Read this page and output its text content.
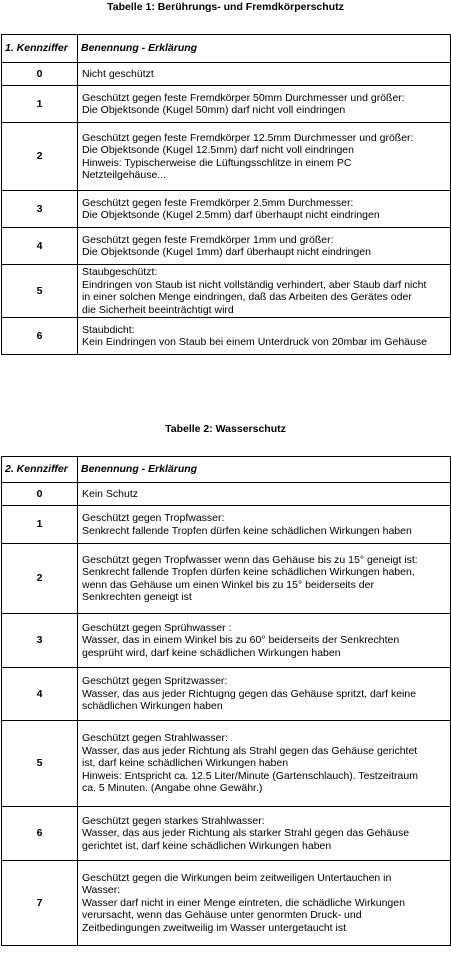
Tabelle 1: Berührungs- und Fremdkörperschutz
1. Kennziffer	Benennung - Erklärung
0	Nicht geschützt
1	Geschützt gegen feste Fremdkörper 50mm Durchmesser und größer:
Die Objektsonde (Kugel 50mm) darf nicht voll eindringen
2	Geschützt gegen feste Fremdkörper 12.5mm Durchmesser und größer:
Die Objektsonde (Kugel 12.5mm) darf nicht voll eindringen
Hinweis: Typischerweise die Lüftungsschlitze in einem PC
Netzteilgehäuse...
3	Geschützt gegen feste Fremdkörper 2.5mm Durchmesser:
Die Objektsonde (Kugel 2.5mm) darf überhaupt nicht eindringen
4	Geschützt gegen feste Fremdkörper 1mm und größer:
Die Objektsonde (Kugel 1mm) darf überhaupt nicht eindringen
5	Staubgeschützt:
Eindringen von Staub ist nicht vollständig verhindert, aber Staub darf nicht
in einer solchen Menge eindringen, daß das Arbeiten des Gerätes oder
die Sicherheit beeinträchtigt wird
6	Staubdicht:
Kein Eindringen von Staub bei einem Unterdruck von 20mbar im Gehäuse
Tabelle 2: Wasserschutz
2. Kennziffer	Benennung - Erklärung
0	Kein Schutz
1	Geschützt gegen Tropfwasser:
Senkrecht fallende Tropfen dürfen keine schädlichen Wirkungen haben
2	Geschützt gegen Tropfwasser wenn das Gehäuse bis zu 15° geneigt ist:
Senkrecht fallende Tropfen dürfen keine schädlichen Wirkungen haben,
wenn das Gehäuse um einen Winkel bis zu 15° beiderseits der
Senkrechten geneigt ist
3	Geschützt gegen Sprühwasser :
Wasser, das in einem Winkel bis zu 60° beiderseits der Senkrechten
gesprüht wird, darf keine schädlichen Wirkungen haben
4	Geschützt gegen Spritzwasser:
Wasser, das aus jeder Richtugng gegen das Gehäuse spritzt, darf keine
schädlichen Wirkungen haben
5	Geschützt gegen Strahlwasser:
Wasser, das aus jeder Richtung als Strahl gegen das Gehäuse gerichtet
ist, darf keine schädlichen Wirkungen haben
Hinweis: Entspricht ca. 12.5 Liter/Minute (Gartenschlauch). Testzeitraum
ca. 5 Minuten. (Angabe ohne Gewähr.)
6	Geschützt gegen starkes Strahlwasser:
Wasser, das aus jeder Richtung als starker Strahl gegen das Gehäuse
gerichtet ist, darf keine schädlichen Wirkungen haben
7	Geschützt gegen die Wirkungen beim zeitweiligen Untertauchen in
Wasser:
Wasser darf nicht in einer Menge eintreten, die schädliche Wirkungen
verursacht, wenn das Gehäuse unter genormten Druck- und
Zeitbedingungen zweitweilig im Wasser untergetaucht ist
